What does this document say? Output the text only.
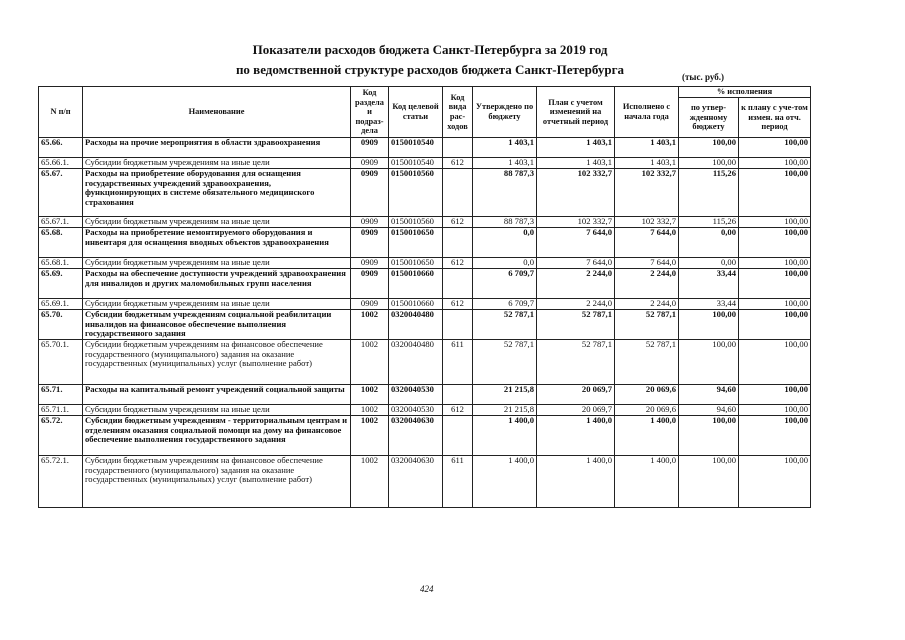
Показатели расходов бюджета Санкт-Петербурга за 2019 год
по ведомственной структуре расходов бюджета Санкт-Петербурга	(тыс. руб.)
N п/п	Наименование	Код раздела и подраз-дела	Код целевой статьи	Код вида рас-ходов	Утверждено по бюджету	План с учетом изменений на отчетный период	Исполнено с начала года	% исполнения	
								по утвер-жденному бюджету	к плану с уче-том измен. на отч. период
65.66.	Расходы на прочие мероприятия в области здравоохранения	0909	0150010540		1 403,1	1 403,1	1 403,1	100,00	100,00
65.66.1.	Субсидии бюджетным учреждениям на иные цели	0909	0150010540	612	1 403,1	1 403,1	1 403,1	100,00	100,00
65.67.	Расходы на приобретение оборудования для оснащения государственных учреждений здравоохранения, функционирующих в системе обязательного медицинского страхования	0909	0150010560		88 787,3	102 332,7	102 332,7	115,26	100,00
65.67.1.	Субсидии бюджетным учреждениям на иные цели	0909	0150010560	612	88 787,3	102 332,7	102 332,7	115,26	100,00
65.68.	Расходы на приобретение немонтируемого оборудования и инвентаря для оснащения вводных объектов здравоохранения	0909	0150010650		0,0	7 644,0	7 644,0	0,00	100,00
65.68.1.	Субсидии бюджетным учреждениям на иные цели	0909	0150010650	612	0,0	7 644,0	7 644,0	0,00	100,00
65.69.	Расходы на обеспечение доступности учреждений здравоохранения для инвалидов и других маломобильных групп населения	0909	0150010660		6 709,7	2 244,0	2 244,0	33,44	100,00
65.69.1.	Субсидии бюджетным учреждениям на иные цели	0909	0150010660	612	6 709,7	2 244,0	2 244,0	33,44	100,00
65.70.	Субсидии бюджетным учреждениям социальной реабилитации инвалидов на финансовое обеспечение выполнения государственного задания	1002	0320040480		52 787,1	52 787,1	52 787,1	100,00	100,00
65.70.1.	Субсидии бюджетным учреждениям на финансовое обеспечение государственного (муниципального) задания на оказание государственных (муниципальных) услуг (выполнение работ)	1002	0320040480	611	52 787,1	52 787,1	52 787,1	100,00	100,00
65.71.	Расходы на капитальный ремонт учреждений социальной защиты	1002	0320040530		21 215,8	20 069,7	20 069,6	94,60	100,00
65.71.1.	Субсидии бюджетным учреждениям на иные цели	1002	0320040530	612	21 215,8	20 069,7	20 069,6	94,60	100,00
65.72.	Субсидии бюджетным учреждениям - территориальным центрам и отделениям оказания социальной помощи на дому на финансовое обеспечение выполнения государственного задания	1002	0320040630		1 400,0	1 400,0	1 400,0	100,00	100,00
65.72.1.	Субсидии бюджетным учреждениям на финансовое обеспечение государственного (муниципального) задания на оказание государственных (муниципальных) услуг (выполнение работ)	1002	0320040630	611	1 400,0	1 400,0	1 400,0	100,00	100,00
424
